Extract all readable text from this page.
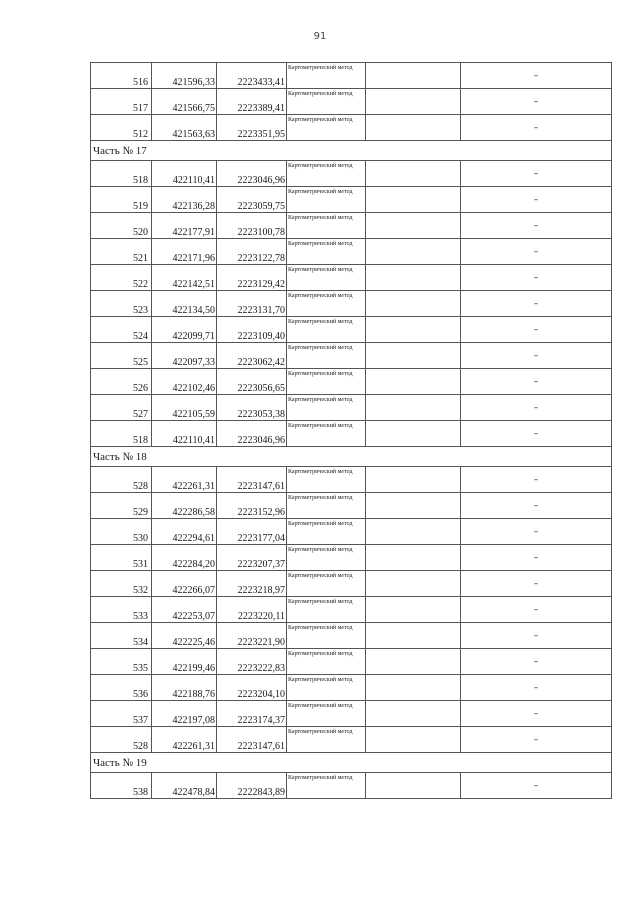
91
516	421596,33	2223433,41	Картометрический метод		–
517	421566,75	2223389,41	Картометрический метод		–
512	421563,63	2223351,95	Картометрический метод		–
Часть № 17					
518	422110,41	2223046,96	Картометрический метод		–
519	422136,28	2223059,75	Картометрический метод		–
520	422177,91	2223100,78	Картометрический метод		–
521	422171,96	2223122,78	Картометрический метод		–
522	422142,51	2223129,42	Картометрический метод		–
523	422134,50	2223131,70	Картометрический метод		–
524	422099,71	2223109,40	Картометрический метод		–
525	422097,33	2223062,42	Картометрический метод		–
526	422102,46	2223056,65	Картометрический метод		–
527	422105,59	2223053,38	Картометрический метод		–
518	422110,41	2223046,96	Картометрический метод		–
Часть № 18					
528	422261,31	2223147,61	Картометрический метод		–
529	422286,58	2223152,96	Картометрический метод		–
530	422294,61	2223177,04	Картометрический метод		–
531	422284,20	2223207,37	Картометрический метод		–
532	422266,07	2223218,97	Картометрический метод		–
533	422253,07	2223220,11	Картометрический метод		–
534	422225,46	2223221,90	Картометрический метод		–
535	422199,46	2223222,83	Картометрический метод		–
536	422188,76	2223204,10	Картометрический метод		–
537	422197,08	2223174,37	Картометрический метод		–
528	422261,31	2223147,61	Картометрический метод		–
Часть № 19					
538	422478,84	2222843,89	Картометрический метод		–
